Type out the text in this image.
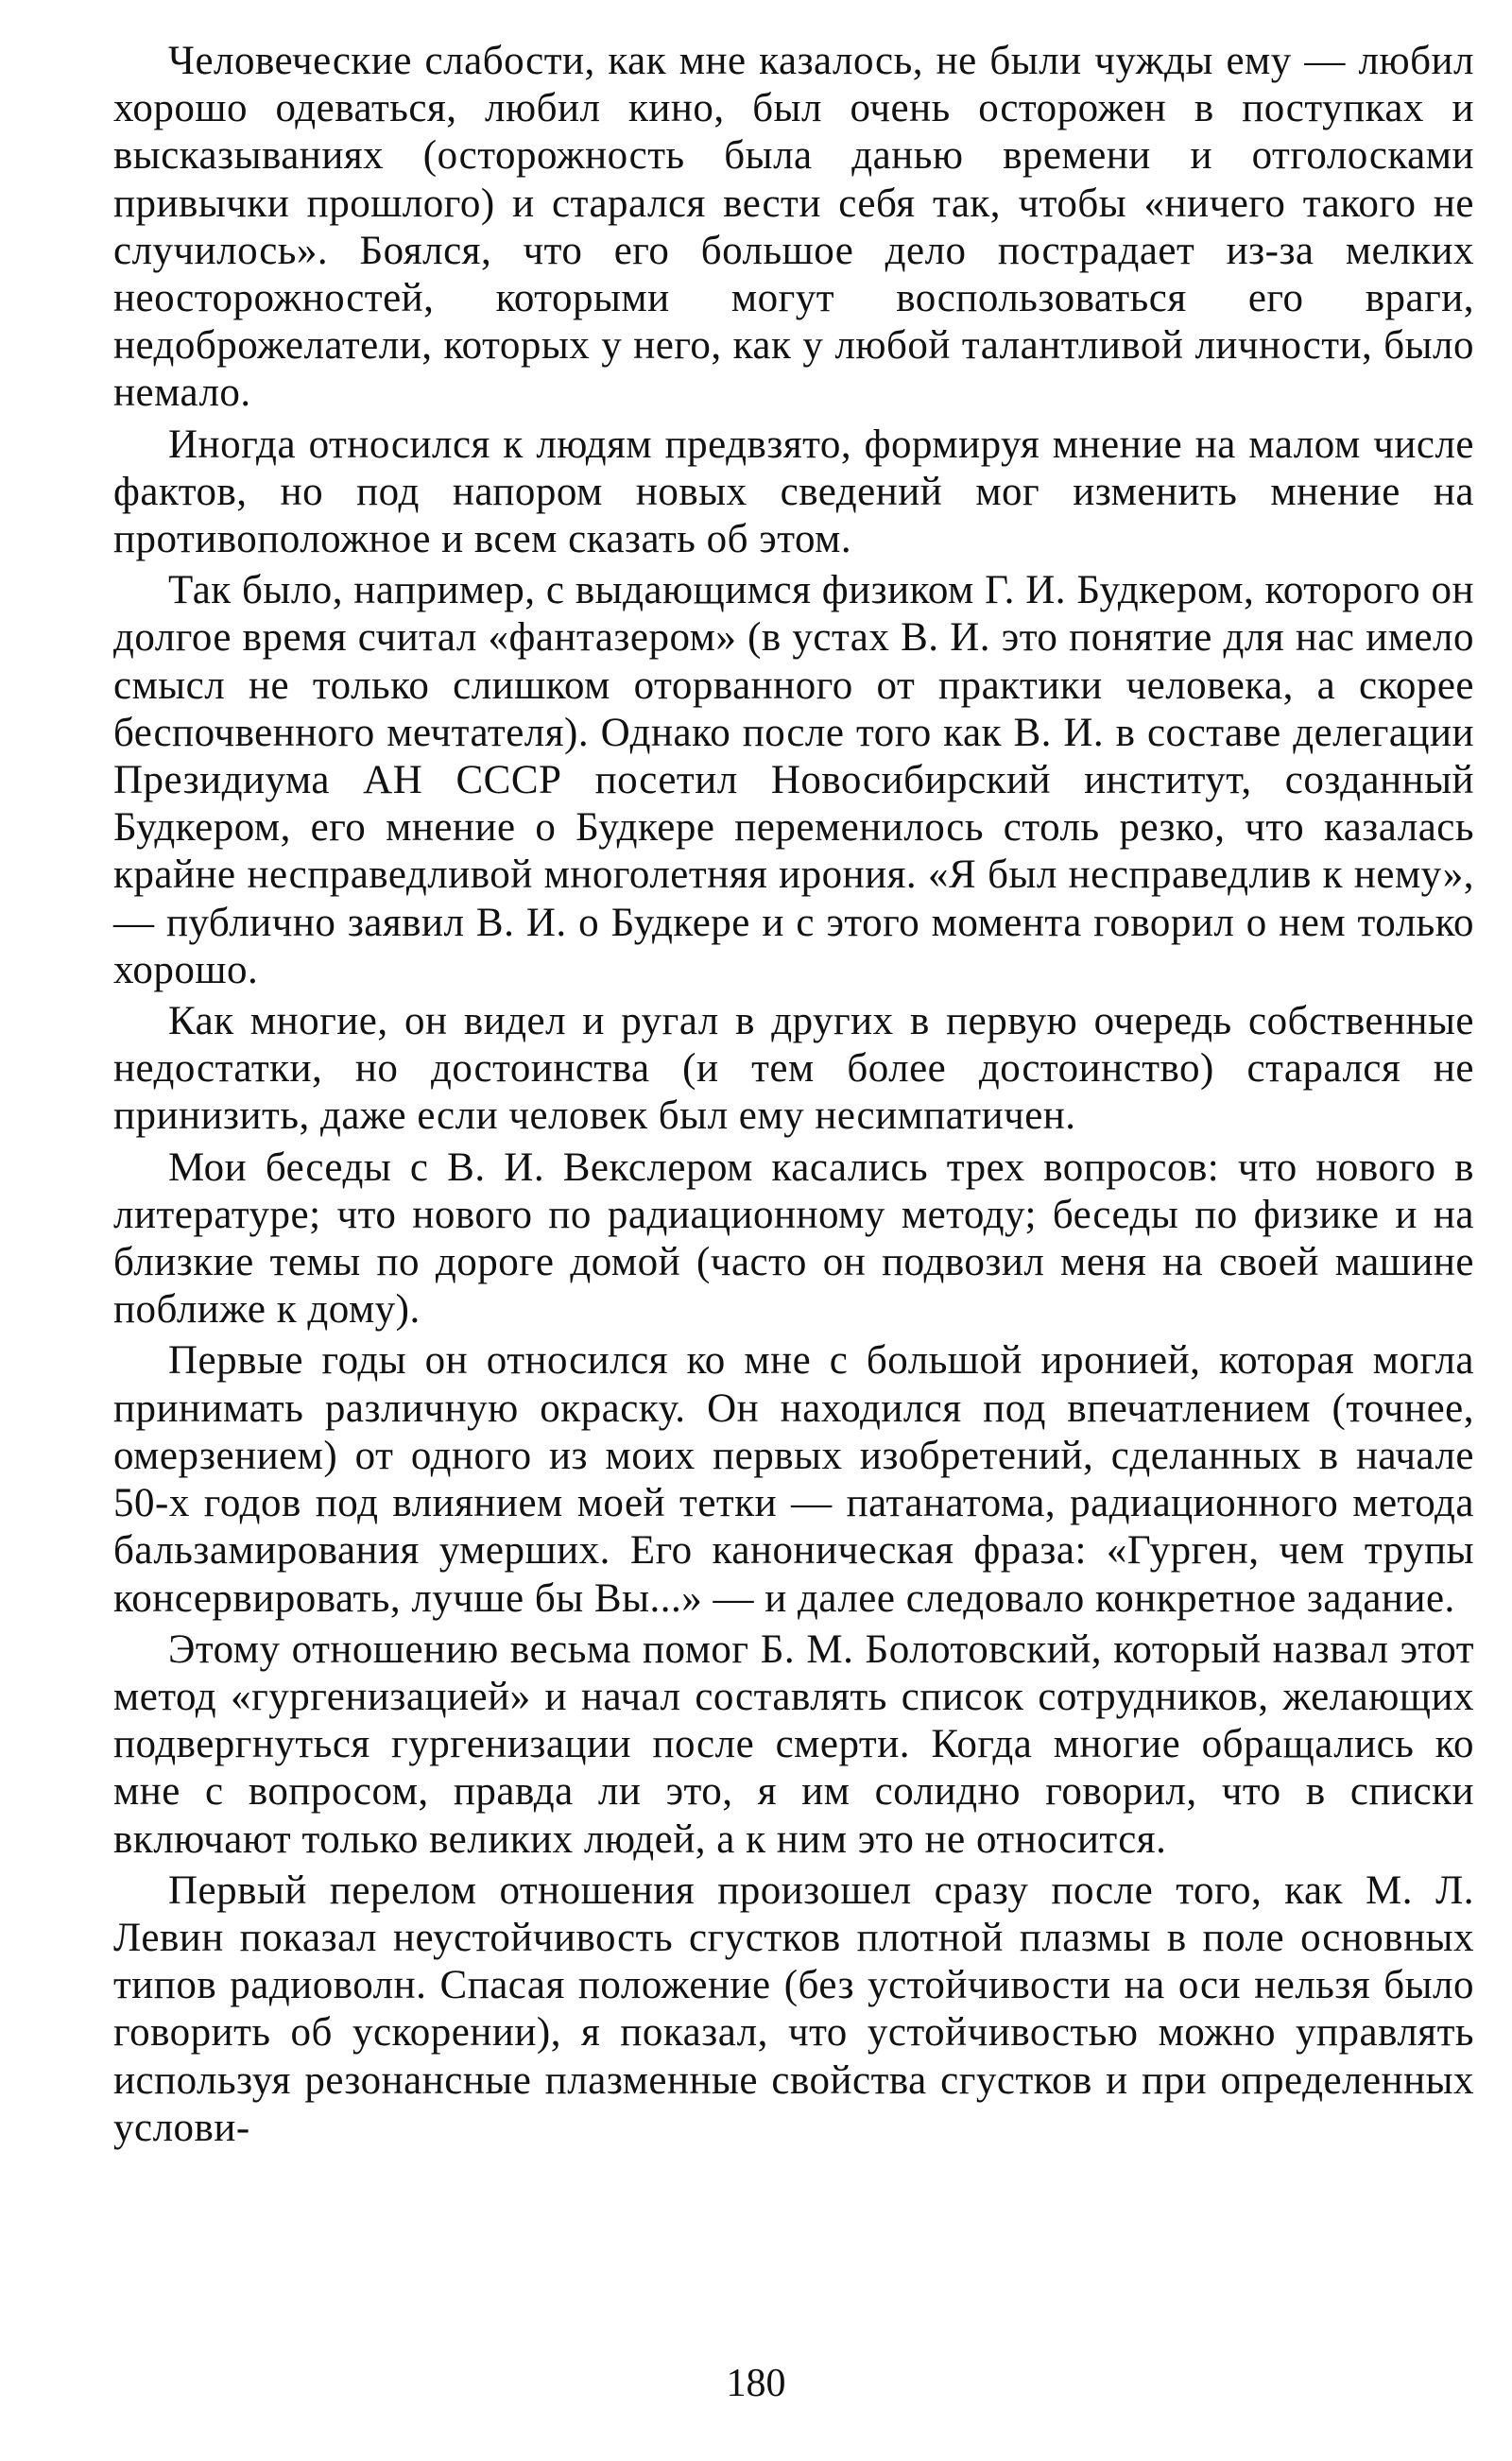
Человеческие слабости, как мне казалось, не были чужды ему — любил хорошо одеваться, любил кино, был очень осторожен в поступках и высказываниях (осторожность была данью времени и отголосками привычки прошлого) и старался вести себя так, чтобы «ничего такого не случилось». Боялся, что его большое дело пострадает из-за мелких неосторожностей, которыми могут воспользоваться его враги, недоброжелатели, которых у него, как у любой талантливой личности, было немало.

Иногда относился к людям предвзято, формируя мнение на малом числе фактов, но под напором новых сведений мог изменить мнение на противоположное и всем сказать об этом.

Так было, например, с выдающимся физиком Г. И. Будкером, которого он долгое время считал «фантазером» (в устах В. И. это понятие для нас имело смысл не только слишком оторванного от практики человека, а скорее беспочвенного мечтателя). Однако после того как В. И. в составе делегации Президиума АН СССР посетил Новосибирский институт, созданный Будкером, его мнение о Будкере переменилось столь резко, что казалась крайне несправедливой многолетняя ирония. «Я был несправедлив к нему»,— публично заявил В. И. о Будкере и с этого момента говорил о нем только хорошо.

Как многие, он видел и ругал в других в первую очередь собственные недостатки, но достоинства (и тем более достоинство) старался не принизить, даже если человек был ему несимпатичен.

Мои беседы с В. И. Векслером касались трех вопросов: что нового в литературе; что нового по радиационному методу; беседы по физике и на близкие темы по дороге домой (часто он подвозил меня на своей машине поближе к дому).

Первые годы он относился ко мне с большой иронией, которая могла принимать различную окраску. Он находился под впечатлением (точнее, омерзением) от одного из моих первых изобретений, сделанных в начале 50-х годов под влиянием моей тетки — патанатома, радиационного метода бальзамирования умерших. Его каноническая фраза: «Гурген, чем трупы консервировать, лучше бы Вы...» — и далее следовало конкретное задание.

Этому отношению весьма помог Б. М. Болотовский, который назвал этот метод «гургенизацией» и начал составлять список сотрудников, желающих подвергнуться гургенизации после смерти. Когда многие обращались ко мне с вопросом, правда ли это, я им солидно говорил, что в списки включают только великих людей, а к ним это не относится.

Первый перелом отношения произошел сразу после того, как М. Л. Левин показал неустойчивость сгустков плотной плазмы в поле основных типов радиоволн. Спасая положение (без устойчивости на оси нельзя было говорить об ускорении), я показал, что устойчивостью можно управлять используя резонансные плазменные свойства сгустков и при определенных услови-

180
